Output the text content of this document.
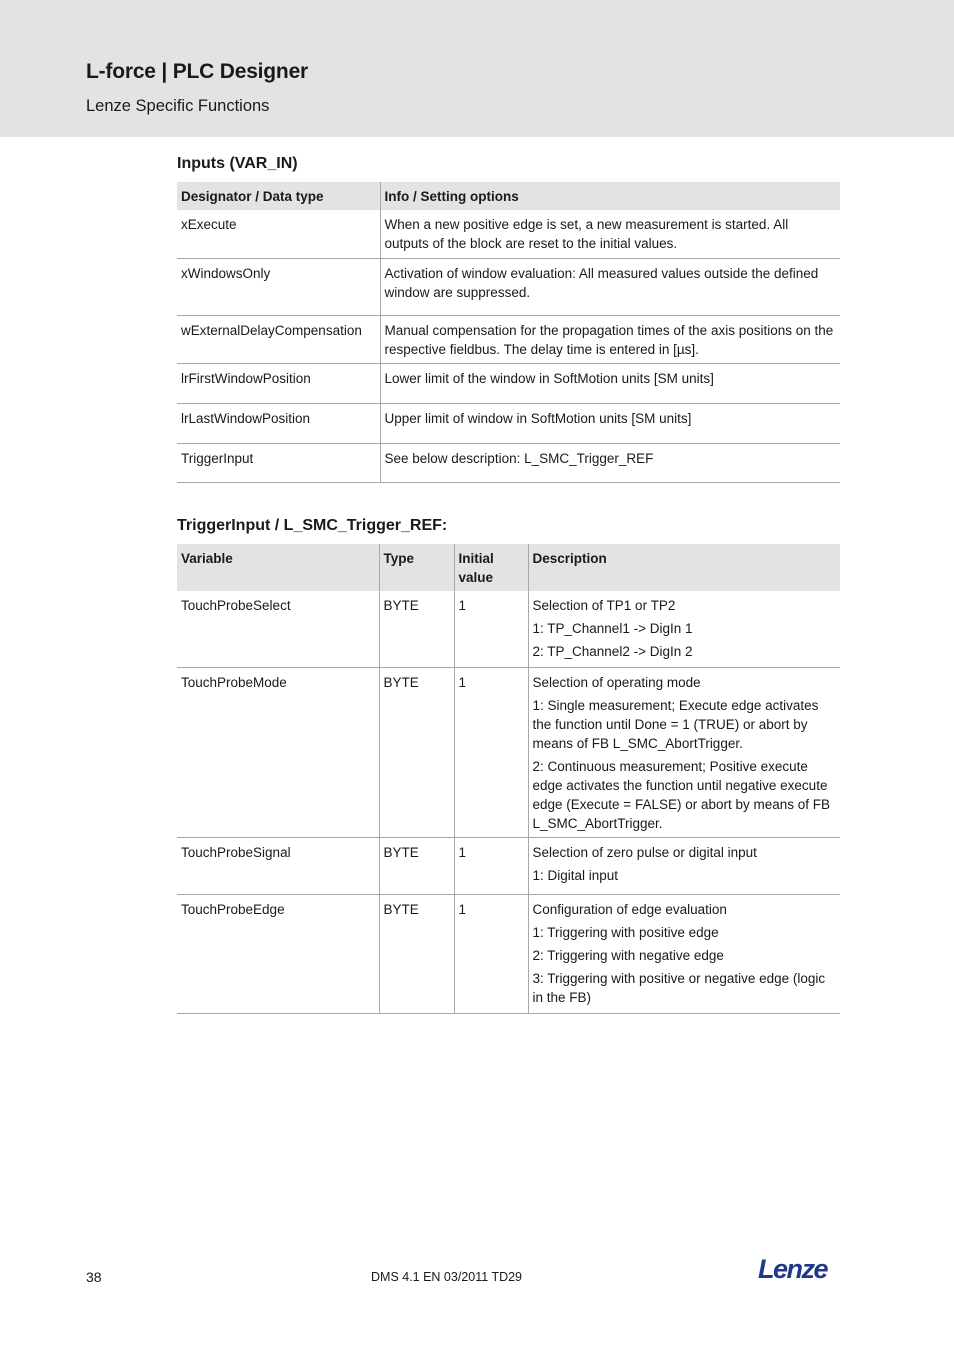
L-force | PLC Designer
Lenze Specific Functions
Inputs (VAR_IN)
Designator / Data type	Info / Setting options
xExecute	When a new positive edge is set, a new measurement is started. All outputs of the block are reset to the initial values.
xWindowsOnly	Activation of window evaluation: All measured values outside the defined window are suppressed.
wExternalDelayCompensation	Manual compensation for the propagation times of the axis positions on the respective fieldbus. The delay time is entered in [µs].
lrFirstWindowPosition	Lower limit of the window in SoftMotion units [SM units]
lrLastWindowPosition	Upper limit of window in SoftMotion units [SM units]
TriggerInput	See below description: L_SMC_Trigger_REF
TriggerInput / L_SMC_Trigger_REF:
Variable	Type	Initial value	Description
TouchProbeSelect	BYTE	1	Selection of TP1 or TP2

1: TP_Channel1 -> DigIn 1

2: TP_Channel2 -> DigIn 2

TouchProbeMode	BYTE	1	Selection of operating mode

1: Single measurement; Execute edge activates the function until Done = 1 (TRUE) or abort by means of FB L_SMC_AbortTrigger.

2: Continuous measurement; Positive execute edge activates the function until negative execute edge (Execute = FALSE) or abort by means of FB L_SMC_AbortTrigger.

TouchProbeSignal	BYTE	1	Selection of zero pulse or digital input

1: Digital input

TouchProbeEdge	BYTE	1	Configuration of edge evaluation

1: Triggering with positive edge

2: Triggering with negative edge

3: Triggering with positive or negative edge (logic in the FB)

38	DMS 4.1 EN 03/2011 TD29	Lenze
